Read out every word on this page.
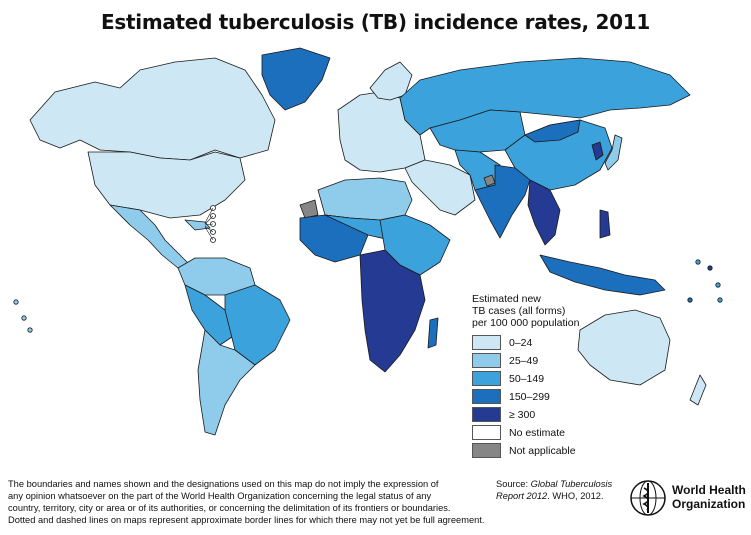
Estimated tuberculosis (TB) incidence rates, 2011
Estimated new
TB cases (all forms)
per 100 000 population
0–24
25–49
50–149
150–299
≥ 300
No estimate
Not applicable
The boundaries and names shown and the designations used on this map do not imply the expression of
any opinion whatsoever on the part of the World Health Organization concerning the legal status of any
country, territory, city or area or of its authorities, or concerning the delimitation of its frontiers or boundaries.
Dotted and dashed lines on maps represent approximate border lines for which there may not yet be full agreement.
Source: Global Tuberculosis
Report 2012. WHO, 2012.	World Health
Organization
